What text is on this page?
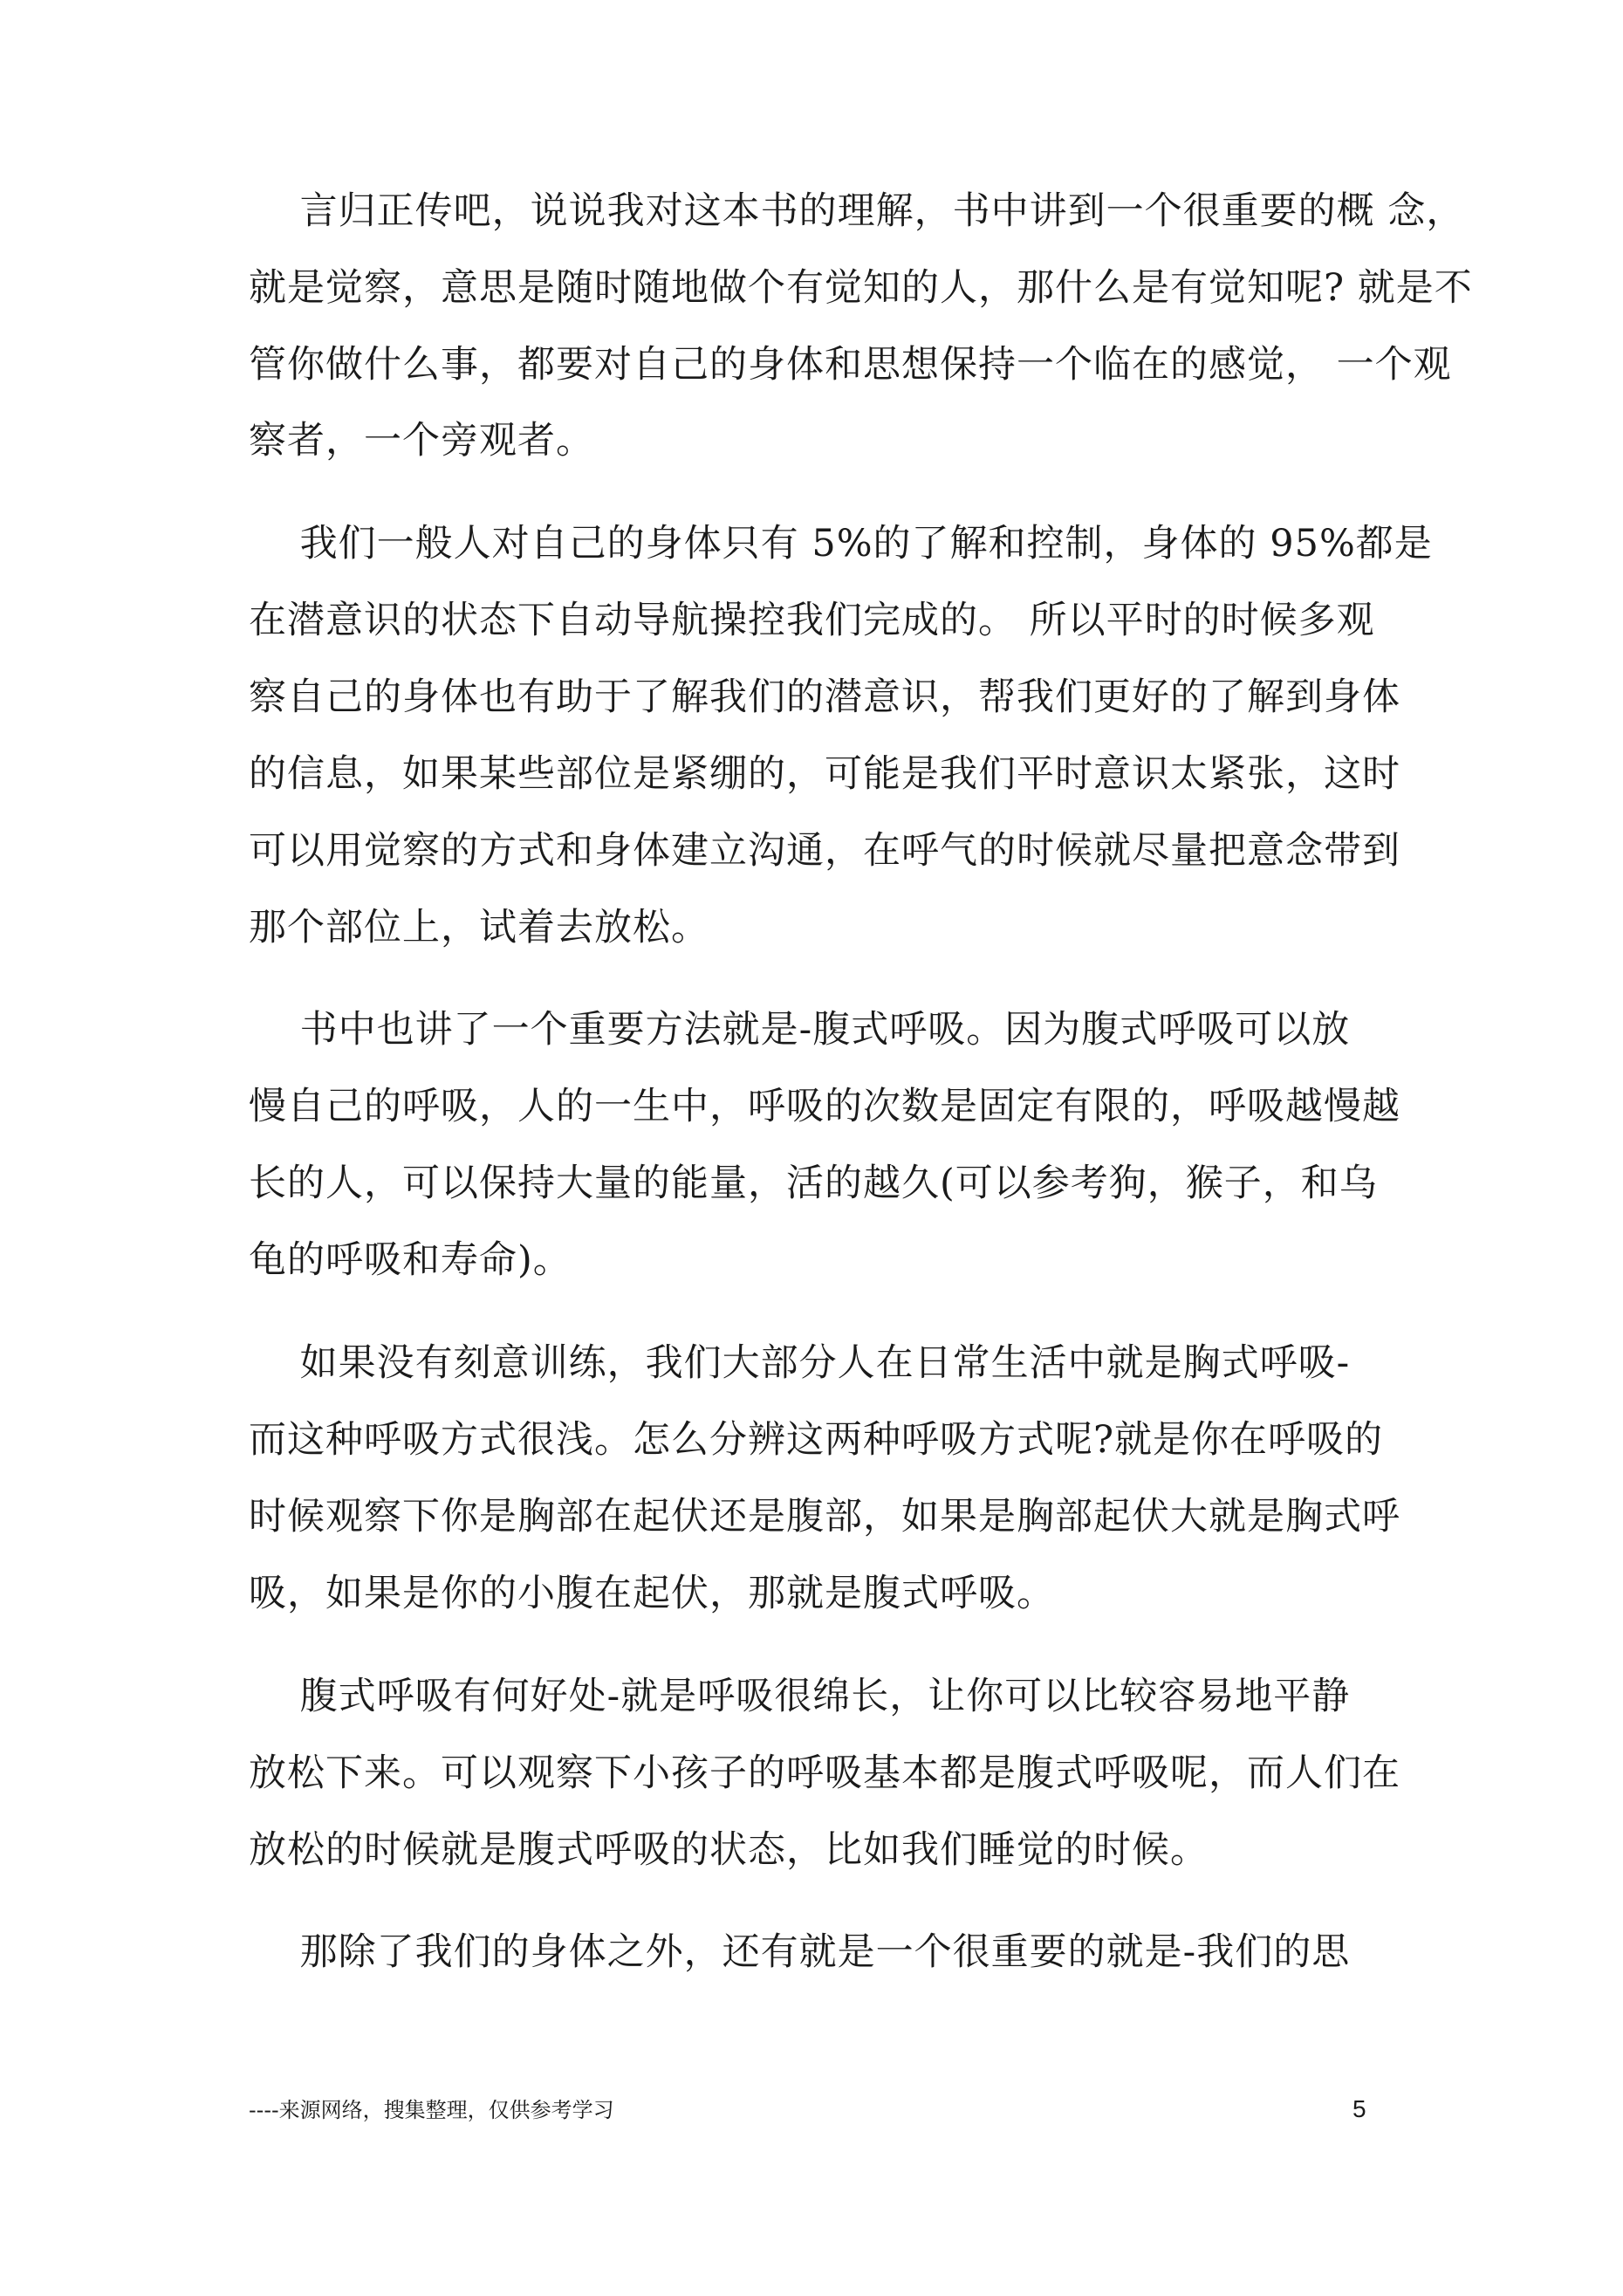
言归正传吧，说说我对这本书的理解，书中讲到一个很重要的概 念，

就是觉察，意思是随时随地做个有觉知的人，那什么是有觉知呢? 就是不

管你做什么事，都要对自己的身体和思想保持一个临在的感觉， 一个观

察者，一个旁观者。

我们一般人对自己的身体只有 5%的了解和控制，身体的 95%都是

在潜意识的状态下自动导航操控我们完成的。 所以平时的时候多观

察自己的身体也有助于了解我们的潜意识，帮我们更好的了解到身体

的信息，如果某些部位是紧绷的，可能是我们平时意识太紧张，这时

可以用觉察的方式和身体建立沟通，在呼气的时候就尽量把意念带到

那个部位上，试着去放松。

书中也讲了一个重要方法就是-腹式呼吸。因为腹式呼吸可以放

慢自己的呼吸，人的一生中，呼吸的次数是固定有限的，呼吸越慢越

长的人，可以保持大量的能量，活的越久(可以参考狗，猴子，和乌

龟的呼吸和寿命)。

如果没有刻意训练，我们大部分人在日常生活中就是胸式呼吸-

而这种呼吸方式很浅。怎么分辨这两种呼吸方式呢?就是你在呼吸的

时候观察下你是胸部在起伏还是腹部，如果是胸部起伏大就是胸式呼

吸，如果是你的小腹在起伏，那就是腹式呼吸。

腹式呼吸有何好处-就是呼吸很绵长，让你可以比较容易地平静

放松下来。可以观察下小孩子的呼吸基本都是腹式呼吸呢，而人们在

放松的时候就是腹式呼吸的状态，比如我们睡觉的时候。

那除了我们的身体之外，还有就是一个很重要的就是-我们的思

----来源网络，搜集整理，仅供参考学习	5
